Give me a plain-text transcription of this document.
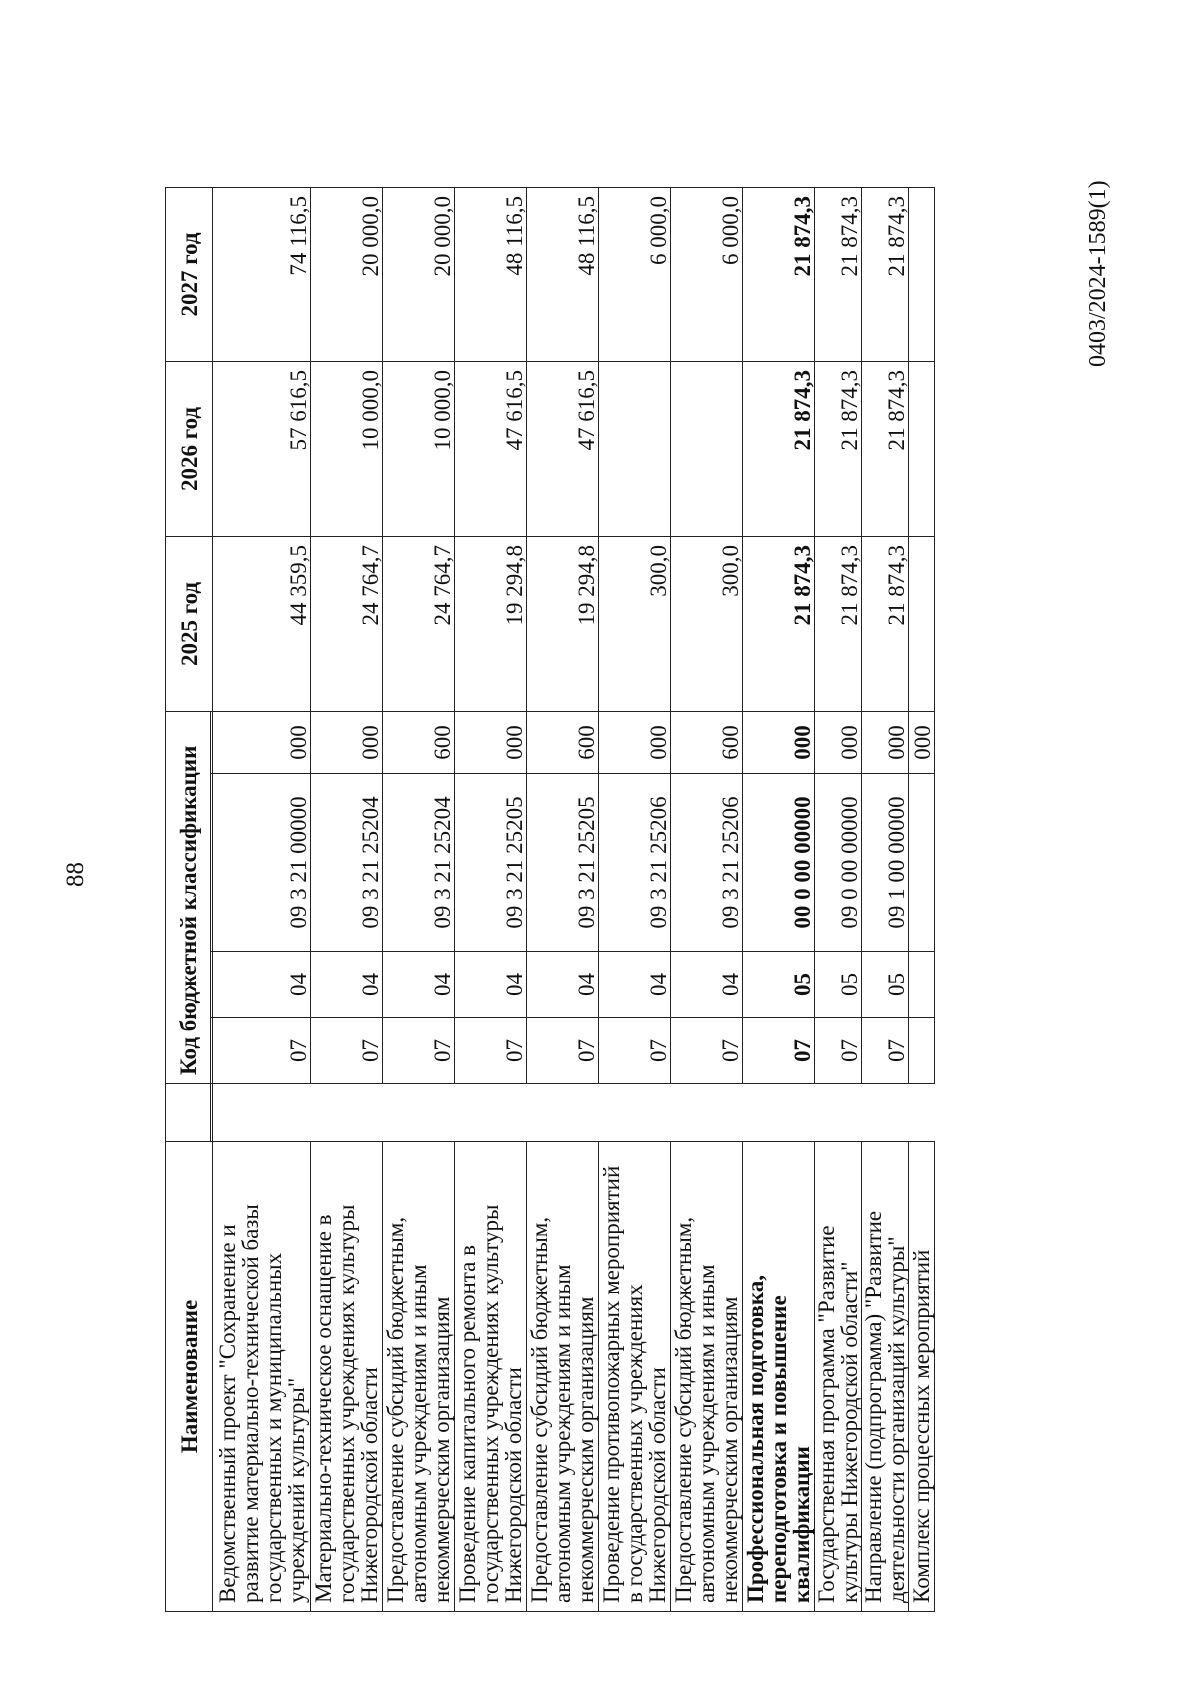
88
Наименование		Код бюджетной классификации				2025 год	2026 год	2027 год

Ведомственный проект "Сохранение и развитие материально-технической базы государственных и муниципальных учреждений культуры"		07	04	09 3 21 00000	000	44 359,5	57 616,5	74 116,5
Материально-техническое оснащение в государственных учреждениях культуры Нижегородской области		07	04	09 3 21 25204	000	24 764,7	10 000,0	20 000,0
Предоставление субсидий бюджетным, автономным учреждениям и иным некоммерческим организациям		07	04	09 3 21 25204	600	24 764,7	10 000,0	20 000,0
Проведение капитального ремонта в государственных учреждениях культуры Нижегородской области		07	04	09 3 21 25205	000	19 294,8	47 616,5	48 116,5
Предоставление субсидий бюджетным, автономным учреждениям и иным некоммерческим организациям		07	04	09 3 21 25205	600	19 294,8	47 616,5	48 116,5
Проведение противопожарных мероприятий в государственных учреждениях Нижегородской области		07	04	09 3 21 25206	000	300,0		6 000,0
Предоставление субсидий бюджетным, автономным учреждениям и иным некоммерческим организациям		07	04	09 3 21 25206	600	300,0		6 000,0
Профессиональная подготовка, переподготовка и повышение квалификации		07	05	00 0 00 00000	000	21 874,3	21 874,3	21 874,3
Государственная программа "Развитие культуры Нижегородской области"		07	05	09 0 00 00000	000	21 874,3	21 874,3	21 874,3
Направление (подпрограмма) "Развитие деятельности организаций культуры"		07	05	09 1 00 00000	000	21 874,3	21 874,3	21 874,3
Комплекс процессных мероприятий					000			
0403/2024-1589(1)
